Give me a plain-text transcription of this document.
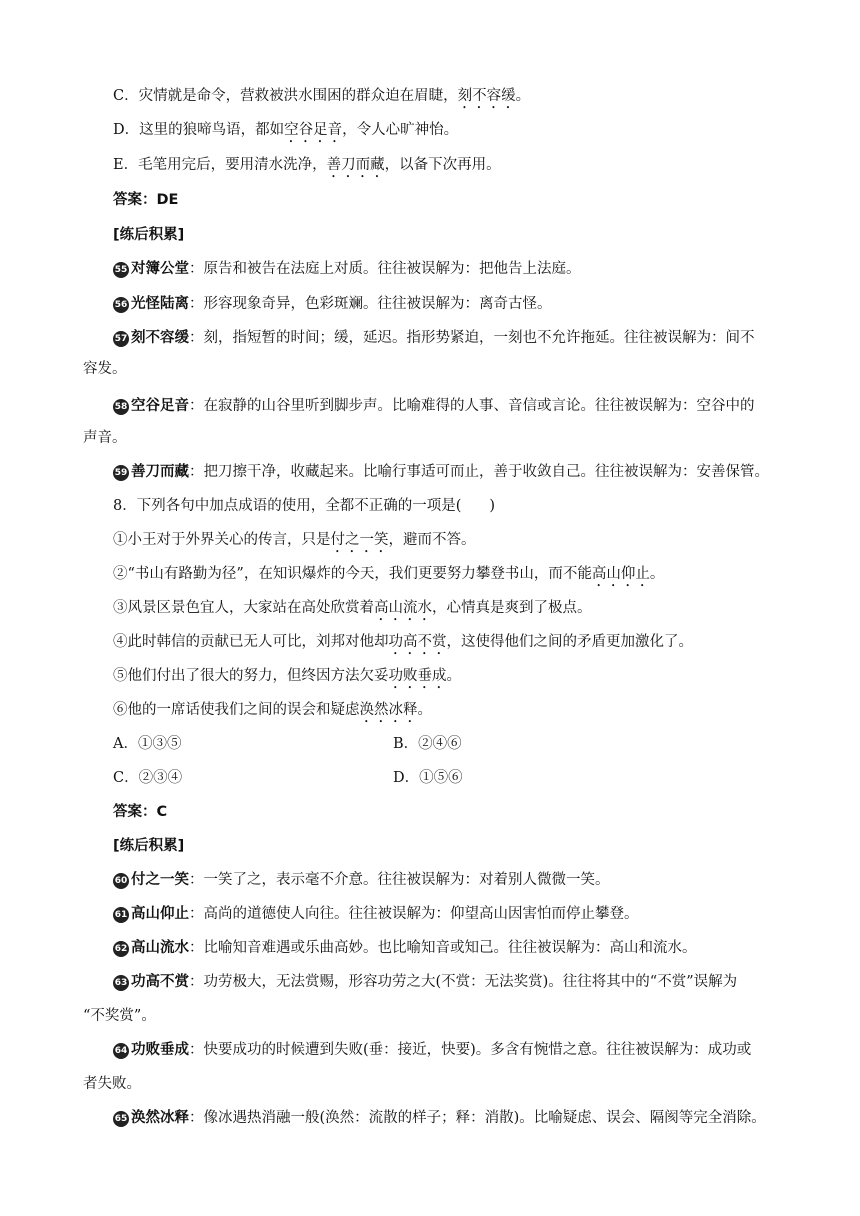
C．灾情就是命令，营救被洪水围困的群众迫在眉睫，刻不容缓。
D．这里的狼啼鸟语，都如空谷足音，令人心旷神怡。
E．毛笔用完后，要用清水洗净，善刀而藏，以备下次再用。
答案：DE
[练后积累]
55 对簿公堂：原告和被告在法庭上对质。往往被误解为：把他告上法庭。
56 光怪陆离：形容现象奇异，色彩斑斓。往往被误解为：离奇古怪。
57 刻不容缓：刻，指短暂的时间；缓，延迟。指形势紧迫，一刻也不允许拖延。往往被误解为：间不
容发。
58 空谷足音：在寂静的山谷里听到脚步声。比喻难得的人事、音信或言论。往往被误解为：空谷中的
声音。
59 善刀而藏：把刀擦干净，收藏起来。比喻行事适可而止，善于收敛自己。往往被误解为：安善保管。
8．下列各句中加点成语的使用，全都不正确的一项是( )
①小王对于外界关心的传言，只是付之一笑，避而不答。
②“书山有路勤为径”，在知识爆炸的今天，我们更要努力攀登书山，而不能高山仰止。
③风景区景色宜人，大家站在高处欣赏着高山流水，心情真是爽到了极点。
④此时韩信的贡献已无人可比，刘邦对他却功高不赏，这使得他们之间的矛盾更加激化了。
⑤他们付出了很大的努力，但终因方法欠妥功败垂成。
⑥他的一席话使我们之间的误会和疑虑涣然冰释。
A．①③⑤	B．②④⑥
C．②③④	D．①⑤⑥
答案：C
[练后积累]
60 付之一笑：一笑了之，表示毫不介意。往往被误解为：对着别人微微一笑。
61 高山仰止：高尚的道德使人向往。往往被误解为：仰望高山因害怕而停止攀登。
62 高山流水：比喻知音难遇或乐曲高妙。也比喻知音或知己。往往被误解为：高山和流水。
63 功高不赏：功劳极大，无法赏赐，形容功劳之大(不赏：无法奖赏)。往往将其中的“不赏”误解为
“不奖赏”。
64 功败垂成：快要成功的时候遭到失败(垂：接近，快要)。多含有惋惜之意。往往被误解为：成功或
者失败。
65 涣然冰释：像冰遇热消融一般(涣然：流散的样子；释：消散)。比喻疑虑、误会、隔阂等完全消除。
